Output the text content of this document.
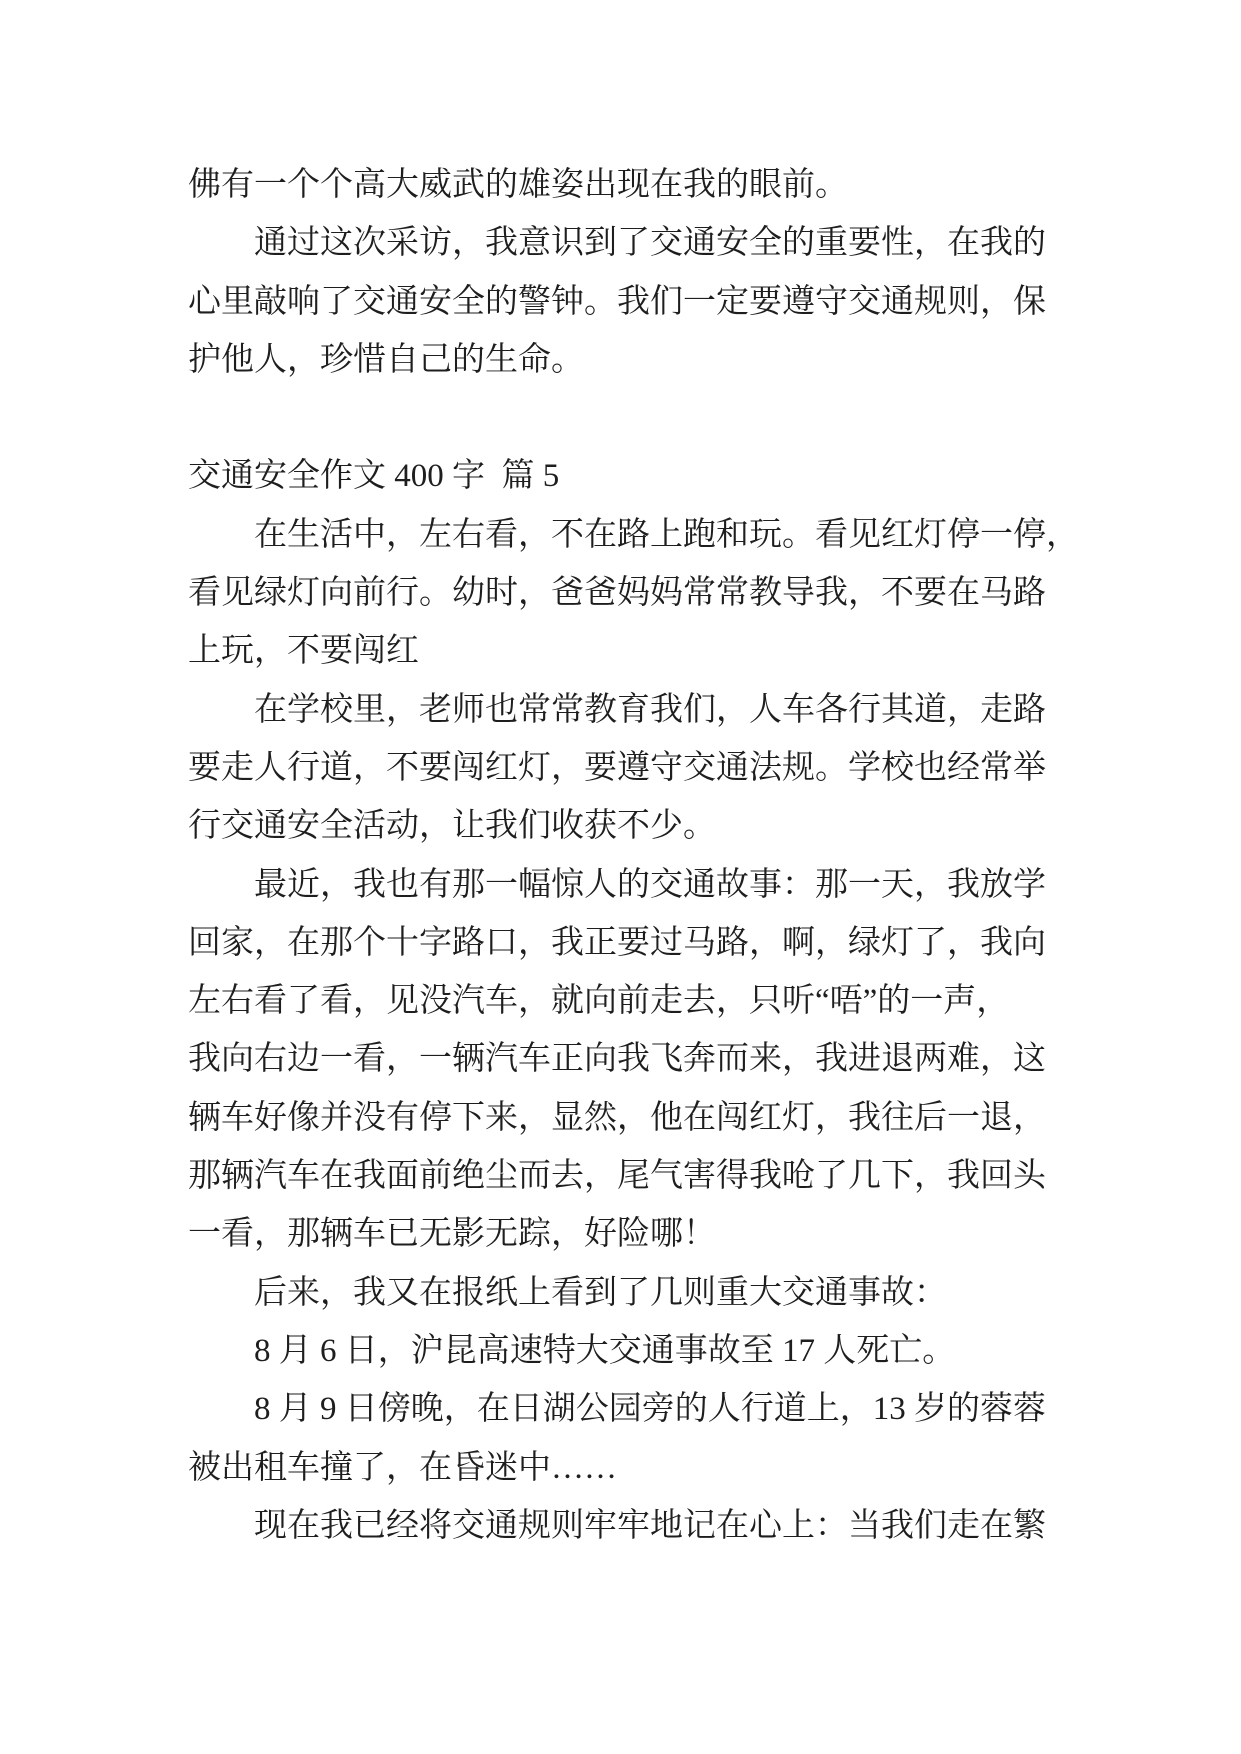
佛有一个个高大威武的雄姿出现在我的眼前。
通过这次采访，我意识到了交通安全的重要性，在我的
心里敲响了交通安全的警钟。我们一定要遵守交通规则，保
护他人，珍惜自己的生命。
交通安全作文 400 字  篇 5
在生活中，左右看，不在路上跑和玩。看见红灯停一停，
看见绿灯向前行。幼时，爸爸妈妈常常教导我，不要在马路
上玩，不要闯红
在学校里，老师也常常教育我们，人车各行其道，走路
要走人行道，不要闯红灯，要遵守交通法规。学校也经常举
行交通安全活动，让我们收获不少。
最近，我也有那一幅惊人的交通故事：那一天，我放学
回家，在那个十字路口，我正要过马路，啊，绿灯了，我向
左右看了看，见没汽车，就向前走去，只听“唔”的一声，
我向右边一看，一辆汽车正向我飞奔而来，我进退两难，这
辆车好像并没有停下来，显然，他在闯红灯，我往后一退，
那辆汽车在我面前绝尘而去，尾气害得我呛了几下，我回头
一看，那辆车已无影无踪，好险哪！
后来，我又在报纸上看到了几则重大交通事故：
8 月 6 日，沪昆高速特大交通事故至 17 人死亡。
8 月 9 日傍晚，在日湖公园旁的人行道上，13 岁的蓉蓉
被出租车撞了，在昏迷中……
现在我已经将交通规则牢牢地记在心上：当我们走在繁
